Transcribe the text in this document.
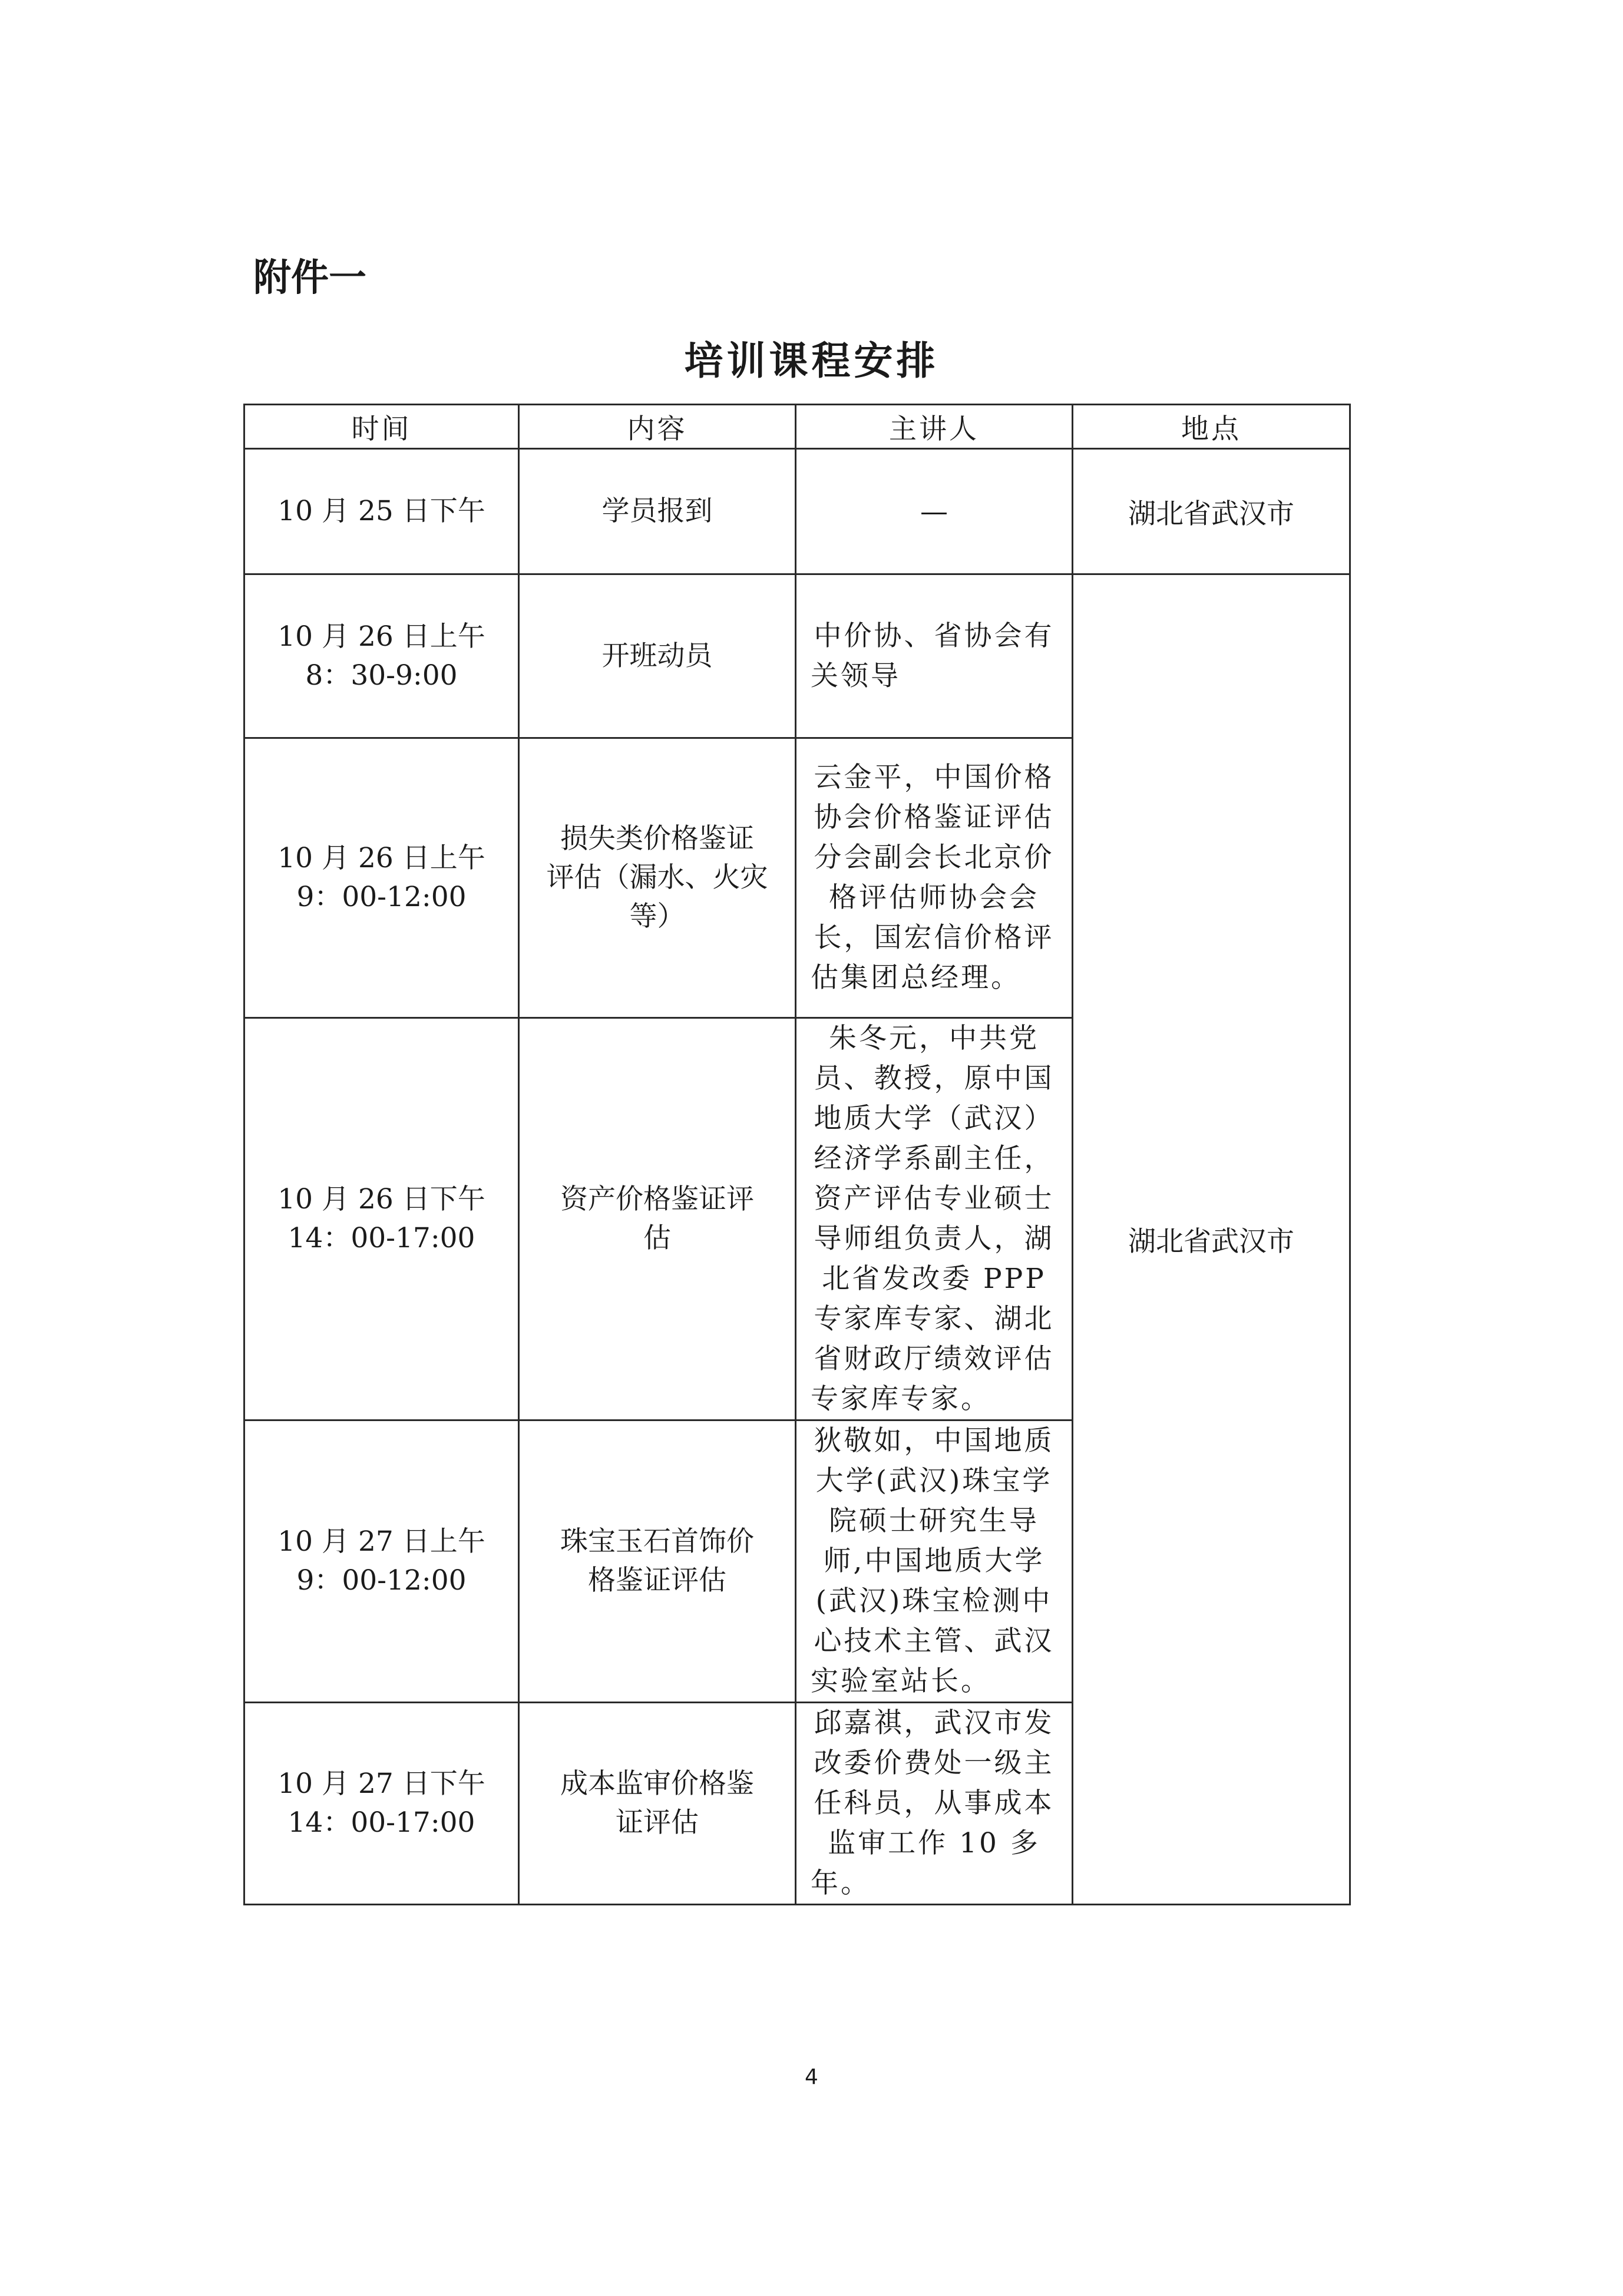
附件一
培训课程安排
时间	内容	主讲人	地点

10 月 25 日下午	学员报到	—	湖北省武汉市

10 月 26 日上午
8：30-9:00	开班动员	中价协、省协会有关领导	湖北省武汉市

10 月 26 日上午
9：00-12:00	损失类价格鉴证
评估（漏水、火灾
等）	云金平，中国价格协会价格鉴证评估分会副会长北京价格评估师协会会长，国宏信价格评估集团总经理。	

10 月 26 日下午
14：00-17:00	资产价格鉴证评
估	朱冬元，中共党员、教授，原中国地质大学（武汉）经济学系副主任，资产评估专业硕士导师组负责人，湖北省发改委 PPP 专家库专家、湖北省财政厅绩效评估专家库专家。	

10 月 27 日上午
9：00-12:00	珠宝玉石首饰价
格鉴证评估	狄敬如，中国地质大学(武汉)珠宝学院硕士研究生导师,中国地质大学(武汉)珠宝检测中心技术主管、武汉实验室站长。	

10 月 27 日下午
14：00-17:00	成本监审价格鉴
证评估	邱嘉祺，武汉市发改委价费处一级主任科员，从事成本监审工作 10 多年。	
4
